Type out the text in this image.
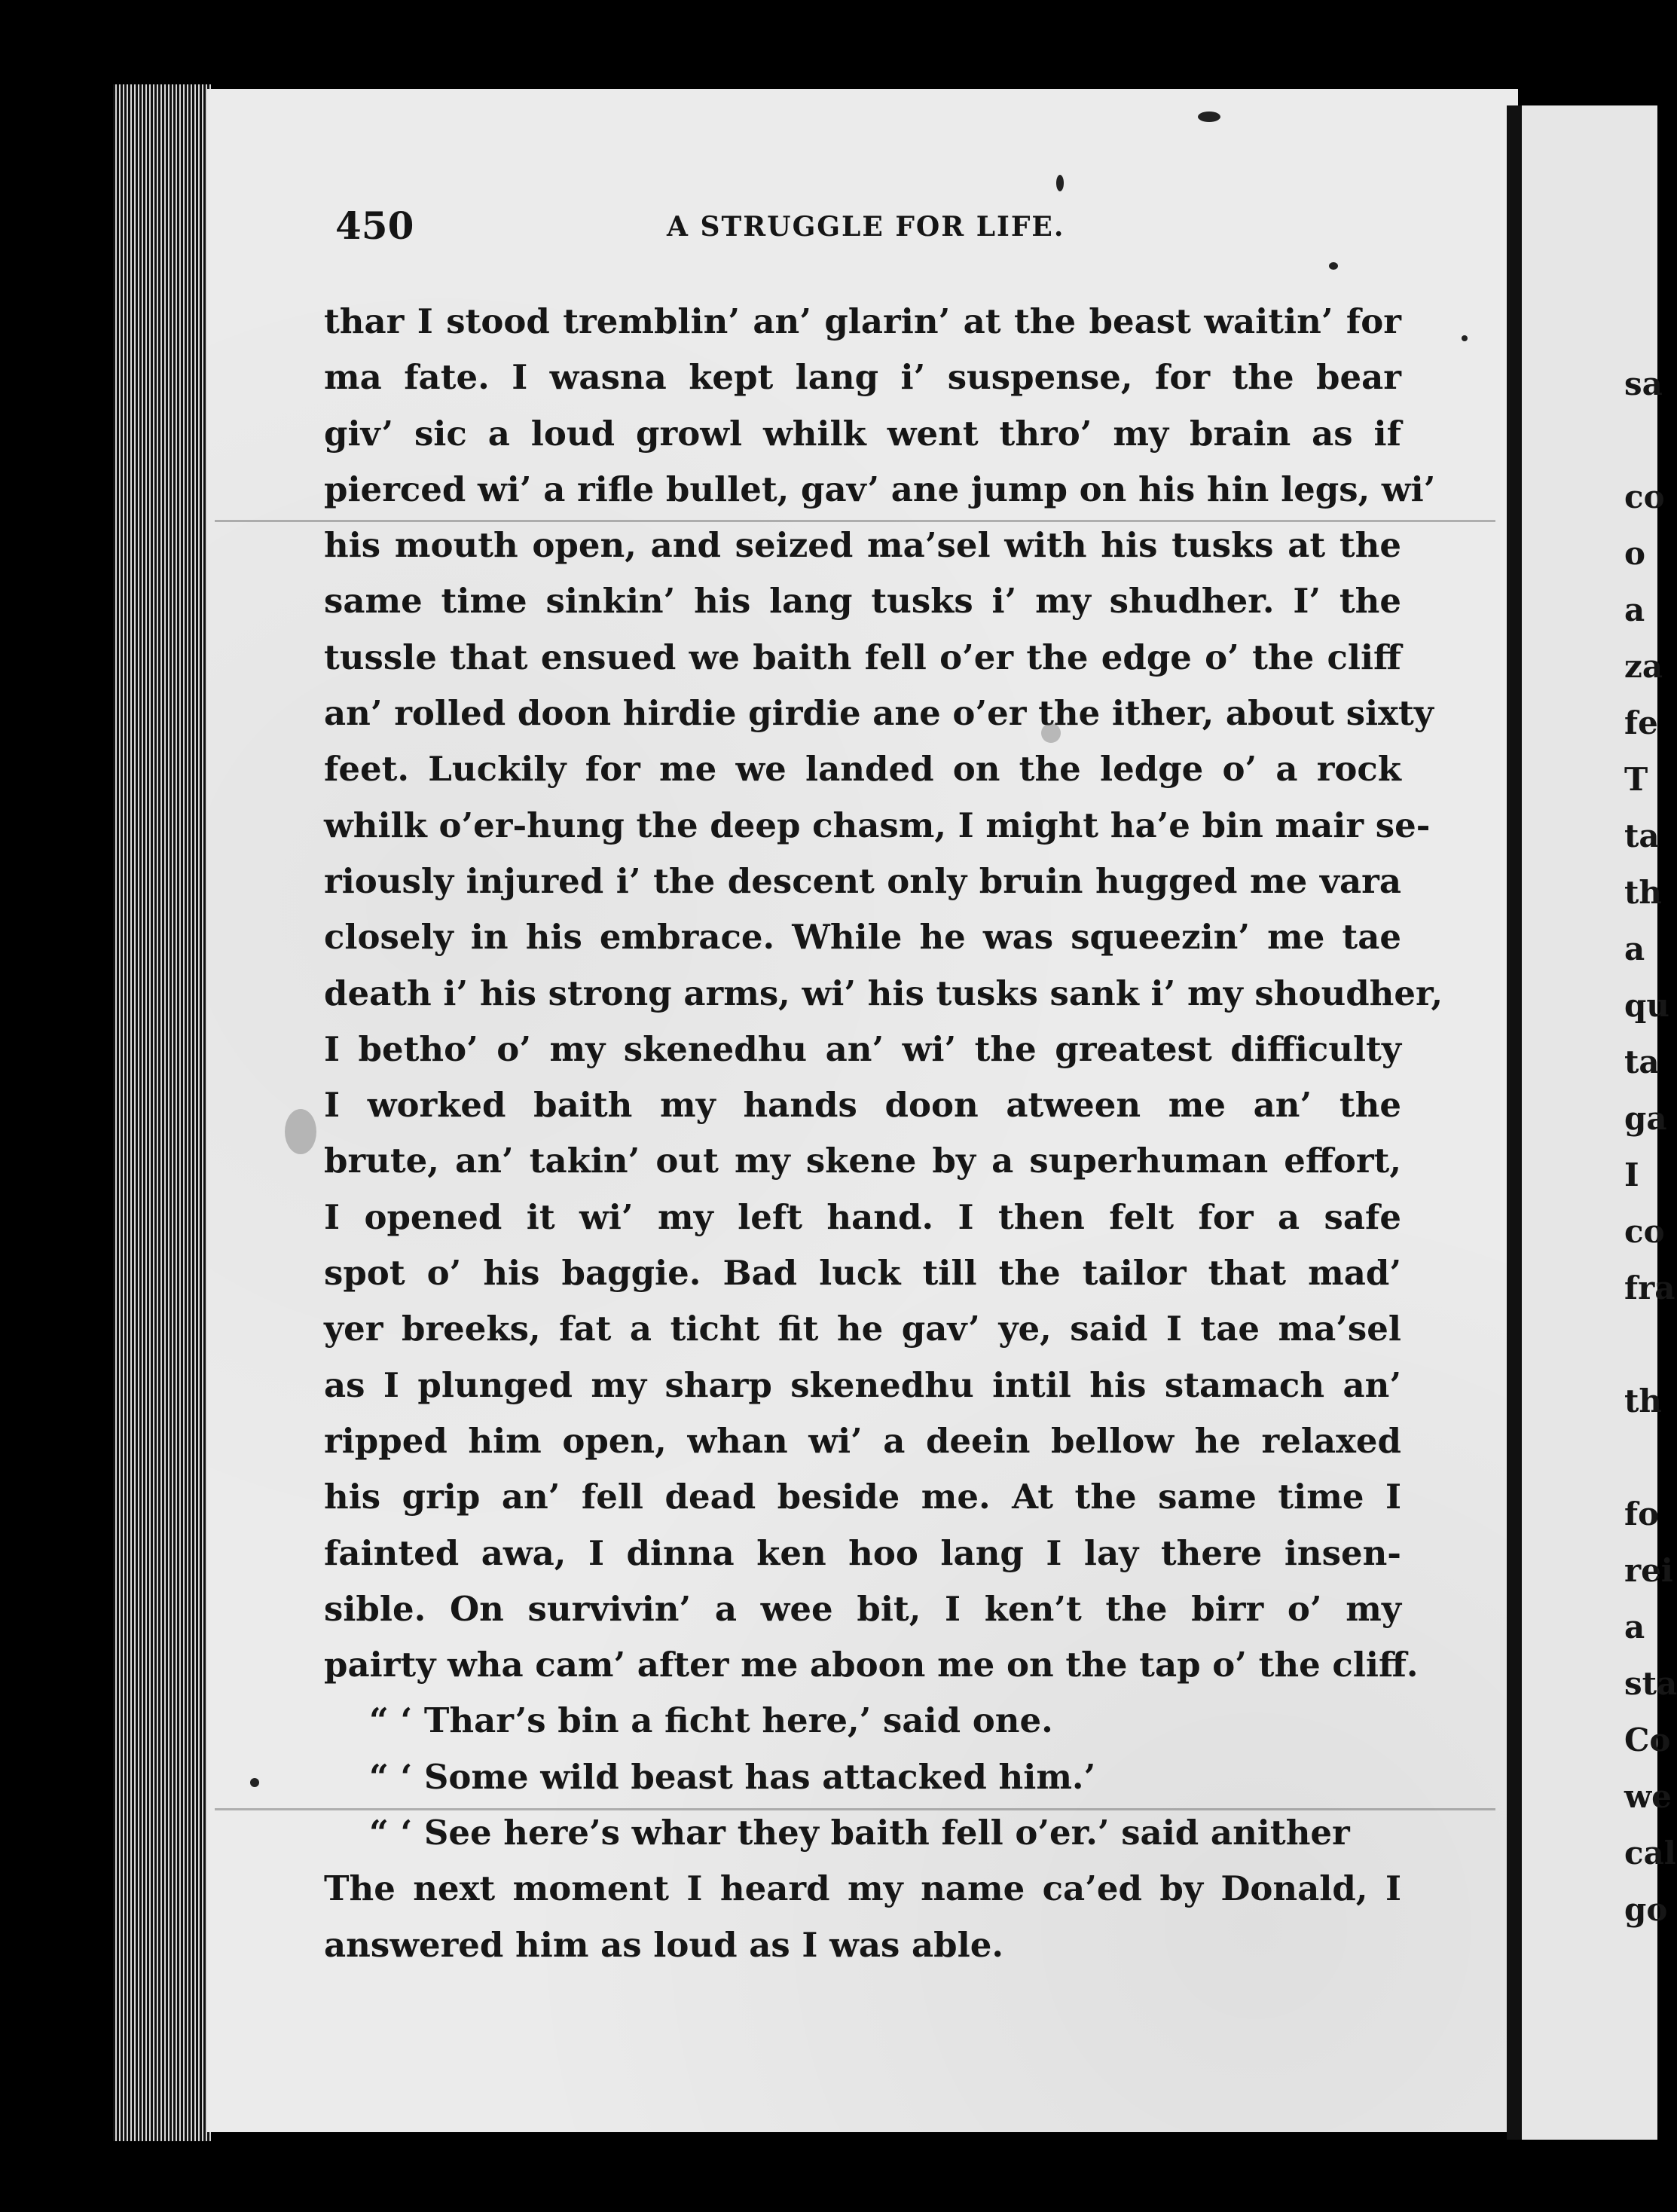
sa
co
o
a
za
fe
T
ta
th
a
qu
ta
ga
I
co
fra
th
fo
rei
a
sta
Co
we
cal
go
450	A STRUGGLE FOR LIFE.
thar I stood tremblin’ an’ glarin’ at the beast waitin’ for
ma fate. I wasna kept lang i’ suspense, for the bear
giv’ sic a loud growl whilk went thro’ my brain as if
pierced wi’ a rifle bullet, gav’ ane jump on his hin legs, wi’
his mouth open, and seized ma’sel with his tusks at the
same time sinkin’ his lang tusks i’ my shudher. I’ the
tussle that ensued we baith fell o’er the edge o’ the cliff
an’ rolled doon hirdie girdie ane o’er the ither, about sixty
feet. Luckily for me we landed on the ledge o’ a rock
whilk o’er-hung the deep chasm, I might ha’e bin mair se-
riously injured i’ the descent only bruin hugged me vara
closely in his embrace. While he was squeezin’ me tae
death i’ his strong arms, wi’ his tusks sank i’ my shoudher,
I betho’ o’ my skenedhu an’ wi’ the greatest difficulty
I worked baith my hands doon atween me an’ the
brute, an’ takin’ out my skene by a superhuman effort,
I opened it wi’ my left hand. I then felt for a safe
spot o’ his baggie. Bad luck till the tailor that mad’
yer breeks, fat a ticht fit he gav’ ye, said I tae ma’sel
as I plunged my sharp skenedhu intil his stamach an’
ripped him open, whan wi’ a deein bellow he relaxed
his grip an’ fell dead beside me. At the same time I
fainted awa, I dinna ken hoo lang I lay there insen-
sible. On survivin’ a wee bit, I ken’t the birr o’ my
pairty wha cam’ after me aboon me on the tap o’ the cliff.
“ ‘ Thar’s bin a ficht here,’ said one.
“ ‘ Some wild beast has attacked him.’
“ ‘ See here’s whar they baith fell o’er.’ said anither
The next moment I heard my name ca’ed by Donald, I
answered him as loud as I was able.
